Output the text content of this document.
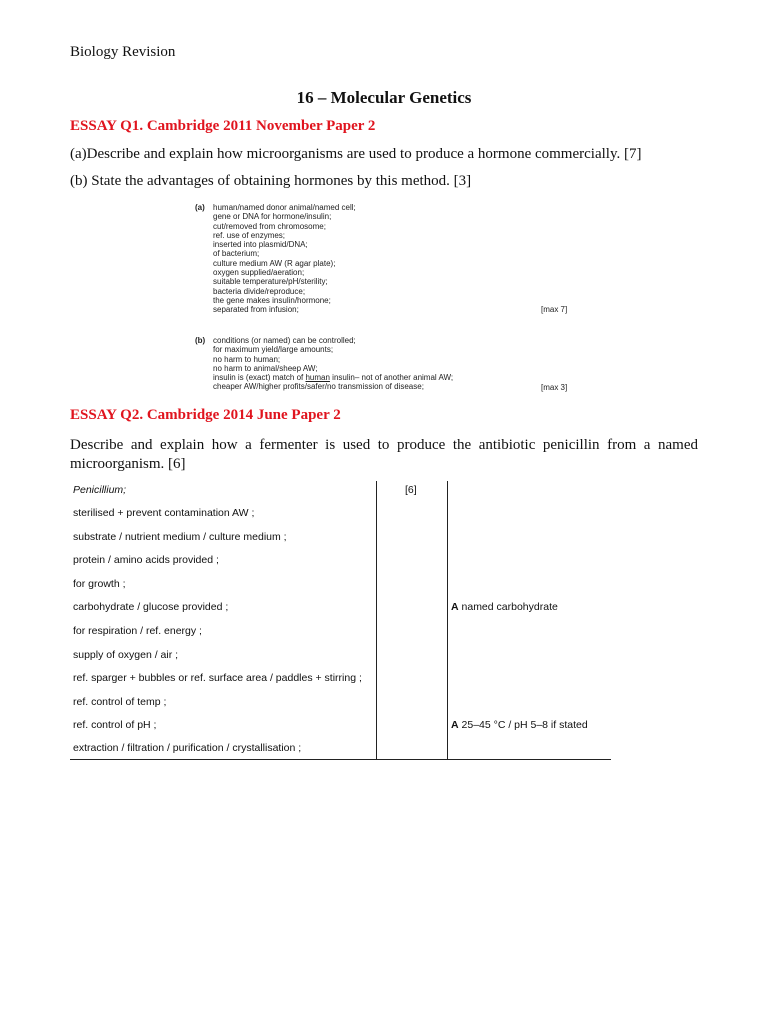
Biology Revision
16 – Molecular Genetics
ESSAY Q1. Cambridge 2011 November Paper 2
(a)Describe and explain how microorganisms are used to produce a hormone commercially. [7]
(b) State the advantages of obtaining hormones by this method. [3]
(a) human/named donor animal/named cell;
gene or DNA for hormone/insulin;
cut/removed from chromosome;
ref. use of enzymes;
inserted into plasmid/DNA;
of bacterium;
culture medium AW (R agar plate);
oxygen supplied/aeration;
suitable temperature/pH/sterility;
bacteria divide/reproduce;
the gene makes insulin/hormone;
separated from infusion;	[max 7]
(b) conditions (or named) can be controlled;
for maximum yield/large amounts;
no harm to human;
no harm to animal/sheep AW;
insulin is (exact) match of human insulin– not of another animal AW;
cheaper AW/higher profits/safer/no transmission of disease;	[max 3]
ESSAY Q2. Cambridge 2014 June Paper 2
Describe and explain how a fermenter is used to produce the antibiotic penicillin from a named microorganism. [6]
Penicillium;
sterilised + prevent contamination AW ;
substrate / nutrient medium / culture medium ;
protein / amino acids provided ;
for growth ;
carbohydrate / glucose provided ;
for respiration / ref. energy ;
supply of oxygen / air ;
ref. sparger + bubbles or ref. surface area / paddles + stirring ;
ref. control of temp ;
ref. control of pH ;
extraction / filtration / purification / crystallisation ;
[6]
A named carbohydrate
A 25–45 °C / pH 5–8 if stated
